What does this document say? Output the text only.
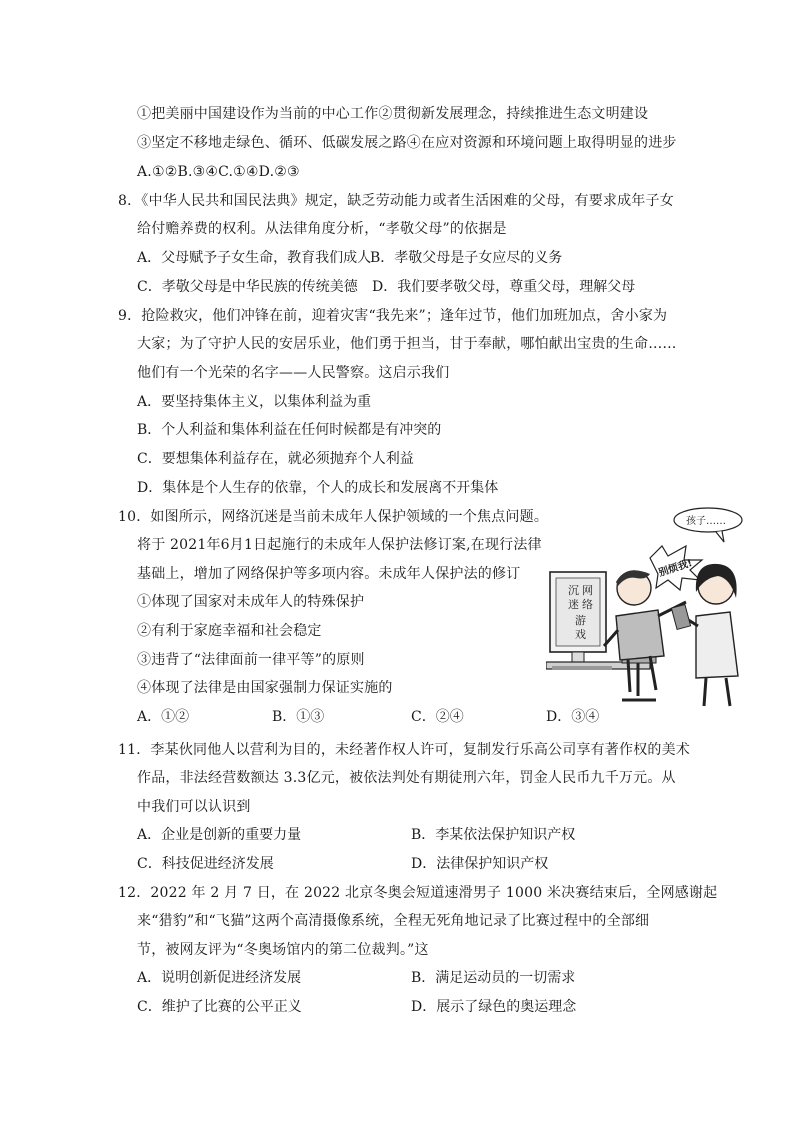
①把美丽中国建设作为当前的中心工作②贯彻新发展理念，持续推进生态文明建设
③坚定不移地走绿色、循环、低碳发展之路④在应对资源和环境问题上取得明显的进步
A.①②B.③④C.①④D.②③
8．《中华人民共和国民法典》规定，缺乏劳动能力或者生活困难的父母，有要求成年子女
给付赡养费的权利。从法律角度分析，“孝敬父母”的依据是
A．父母赋予子女生命，教育我们成人
B．孝敬父母是子女应尽的义务
C．孝敬父母是中华民族的传统美德 D．我们要孝敬父母，尊重父母，理解父母
9．抢险救灾，他们冲锋在前，迎着灾害“我先来”；逢年过节，他们加班加点，舍小家为
大家；为了守护人民的安居乐业，他们勇于担当，甘于奉献，哪怕献出宝贵的生命……
他们有一个光荣的名字——人民警察。这启示我们
A．要坚持集体主义，以集体利益为重
B．个人利益和集体利益在任何时候都是有冲突的
C．要想集体利益存在，就必须抛弃个人利益
D．集体是个人生存的依靠，个人的成长和发展离不开集体
10．如图所示，网络沉迷是当前未成年人保护领域的一个焦点问题。
将于 2021年6月1日起施行的未成年人保护法修订案,在现行法律
基础上，增加了网络保护等多项内容。未成年人保护法的修订
①体现了国家对未成年人的特殊保护
②有利于家庭幸福和社会稳定
③违背了“法律面前一律平等”的原则
④体现了法律是由国家强制力保证实施的
A．①②	B．①③	C．②④	D．③④
沉
迷
网
络
游
戏
别烦我!
孩子……
11．李某伙同他人以营利为目的，未经著作权人许可，复制发行乐高公司享有著作权的美术
作品，非法经营数额达 3.3亿元，被依法判处有期徒刑六年，罚金人民币九千万元。从
中我们可以认识到
A．企业是创新的重要力量	B．李某依法保护知识产权
C．科技促进经济发展	D．法律保护知识产权
12．2022 年 2 月 7 日，在 2022 北京冬奥会短道速滑男子 1000 米决赛结束后，全网感谢起
来“猎豹”和“飞猫”这两个高清摄像系统，全程无死角地记录了比赛过程中的全部细
节，被网友评为“冬奥场馆内的第二位裁判。”这
A．说明创新促进经济发展	B．满足运动员的一切需求
C．维护了比赛的公平正义	D．展示了绿色的奥运理念
